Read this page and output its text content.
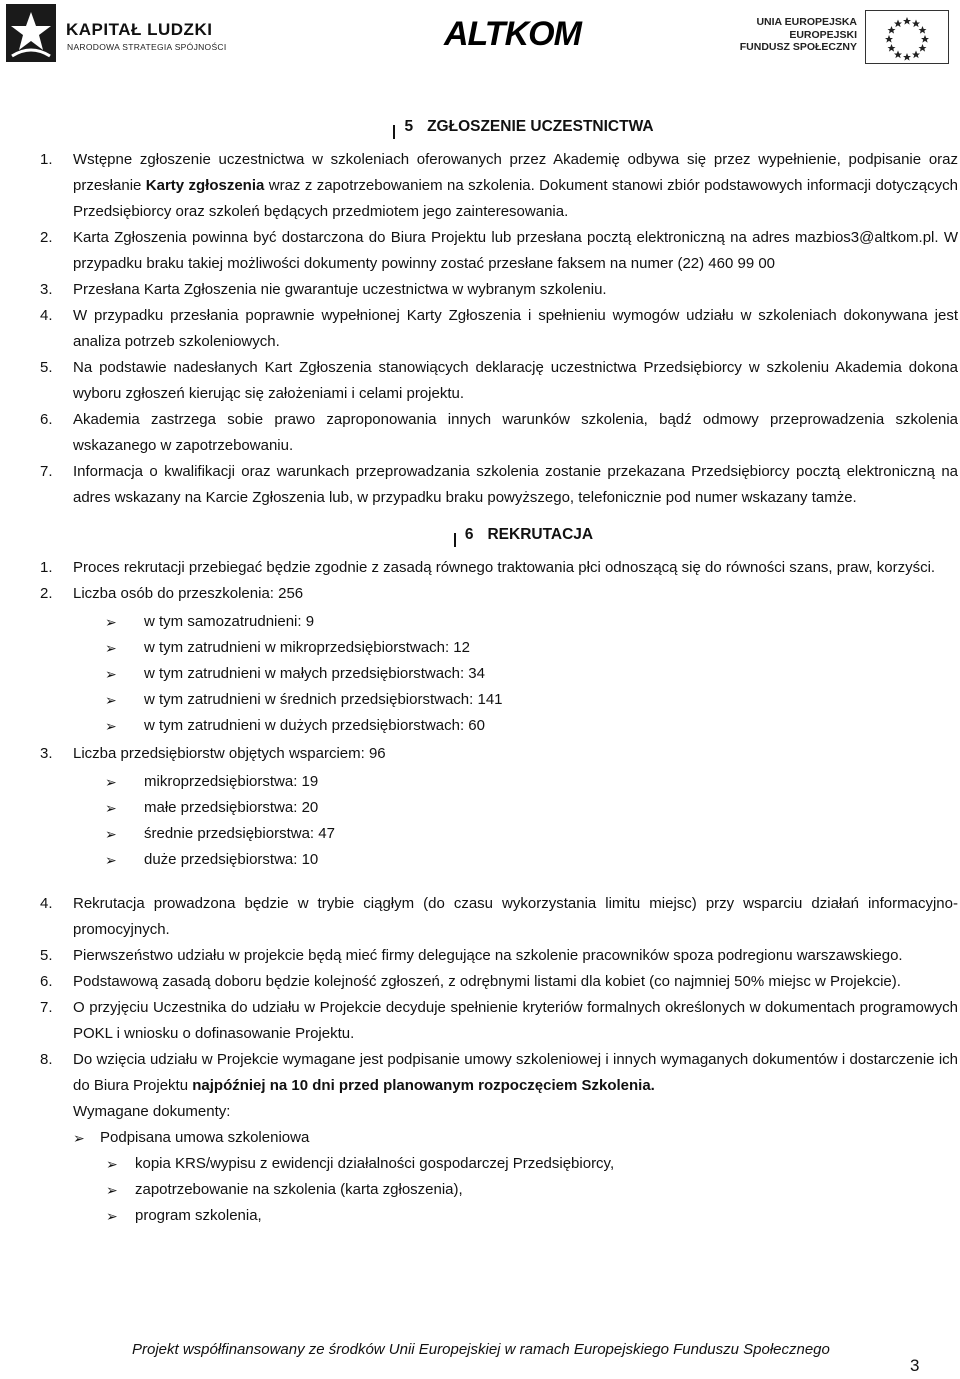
KAPITAŁ LUDZKI
NARODOWA STRATEGIA SPÓJNOŚCI	ALTKOM	UNIA EUROPEJSKA
EUROPEJSKI
FUNDUSZ SPOŁECZNY
5 ZGŁOSZENIE UCZESTNICTWA
1. Wstępne zgłoszenie uczestnictwa w szkoleniach oferowanych przez Akademię odbywa się przez wypełnienie, podpisanie oraz przesłanie Karty zgłoszenia wraz z zapotrzebowaniem na szkolenia. Dokument stanowi zbiór podstawowych informacji dotyczących Przedsiębiorcy oraz szkoleń będących przedmiotem jego zainteresowania.
2. Karta Zgłoszenia powinna być dostarczona do Biura Projektu lub przesłana pocztą elektroniczną na adres mazbios3@altkom.pl. W przypadku braku takiej możliwości dokumenty powinny zostać przesłane faksem na numer (22) 460 99 00
3. Przesłana Karta Zgłoszenia nie gwarantuje uczestnictwa w wybranym szkoleniu.
4. W przypadku przesłania poprawnie wypełnionej Karty Zgłoszenia i spełnieniu wymogów udziału w szkoleniach dokonywana jest analiza potrzeb szkoleniowych.
5. Na podstawie nadesłanych Kart Zgłoszenia stanowiących deklarację uczestnictwa Przedsiębiorcy w szkoleniu Akademia dokona wyboru zgłoszeń kierując się założeniami i celami projektu.
6. Akademia zastrzega sobie prawo zaproponowania innych warunków szkolenia, bądź odmowy przeprowadzenia szkolenia wskazanego w zapotrzebowaniu.
7. Informacja o kwalifikacji oraz warunkach przeprowadzania szkolenia zostanie przekazana Przedsiębiorcy pocztą elektroniczną na adres wskazany na Karcie Zgłoszenia lub, w przypadku braku powyższego, telefonicznie pod numer wskazany tamże.
6 REKRUTACJA
1. Proces rekrutacji przebiegać będzie zgodnie z zasadą równego traktowania płci odnoszącą się do równości szans, praw, korzyści.
2. Liczba osób do przeszkolenia: 256
➢ w tym samozatrudnieni: 9
➢ w tym zatrudnieni w mikroprzedsiębiorstwach: 12
➢ w tym zatrudnieni w małych przedsiębiorstwach: 34
➢ w tym zatrudnieni w średnich przedsiębiorstwach: 141
➢ w tym zatrudnieni w dużych przedsiębiorstwach: 60
3. Liczba przedsiębiorstw objętych wsparciem: 96
➢ mikroprzedsiębiorstwa: 19
➢ małe przedsiębiorstwa: 20
➢ średnie przedsiębiorstwa: 47
➢ duże przedsiębiorstwa: 10
4. Rekrutacja prowadzona będzie w trybie ciągłym (do czasu wykorzystania limitu miejsc) przy wsparciu działań informacyjno-promocyjnych.
5. Pierwszeństwo udziału w projekcie będą mieć firmy delegujące na szkolenie pracowników spoza podregionu warszawskiego.
6. Podstawową zasadą doboru będzie kolejność zgłoszeń, z odrębnymi listami dla kobiet (co najmniej 50% miejsc w Projekcie).
7. O przyjęciu Uczestnika do udziału w Projekcie decyduje spełnienie kryteriów formalnych określonych w dokumentach programowych POKL i wniosku o dofinasowanie Projektu.
8. Do wzięcia udziału w Projekcie wymagane jest podpisanie umowy szkoleniowej i innych wymaganych dokumentów i dostarczenie ich do Biura Projektu najpóźniej na 10 dni przed planowanym rozpoczęciem Szkolenia.
Wymagane dokumenty:
➢ Podpisana umowa szkoleniowa
➢ kopia KRS/wypisu z ewidencji działalności gospodarczej Przedsiębiorcy,
➢ zapotrzebowanie na szkolenia (karta zgłoszenia),
➢ program szkolenia,
Projekt współfinansowany ze środków Unii Europejskiej w ramach Europejskiego Funduszu Społecznego
3
